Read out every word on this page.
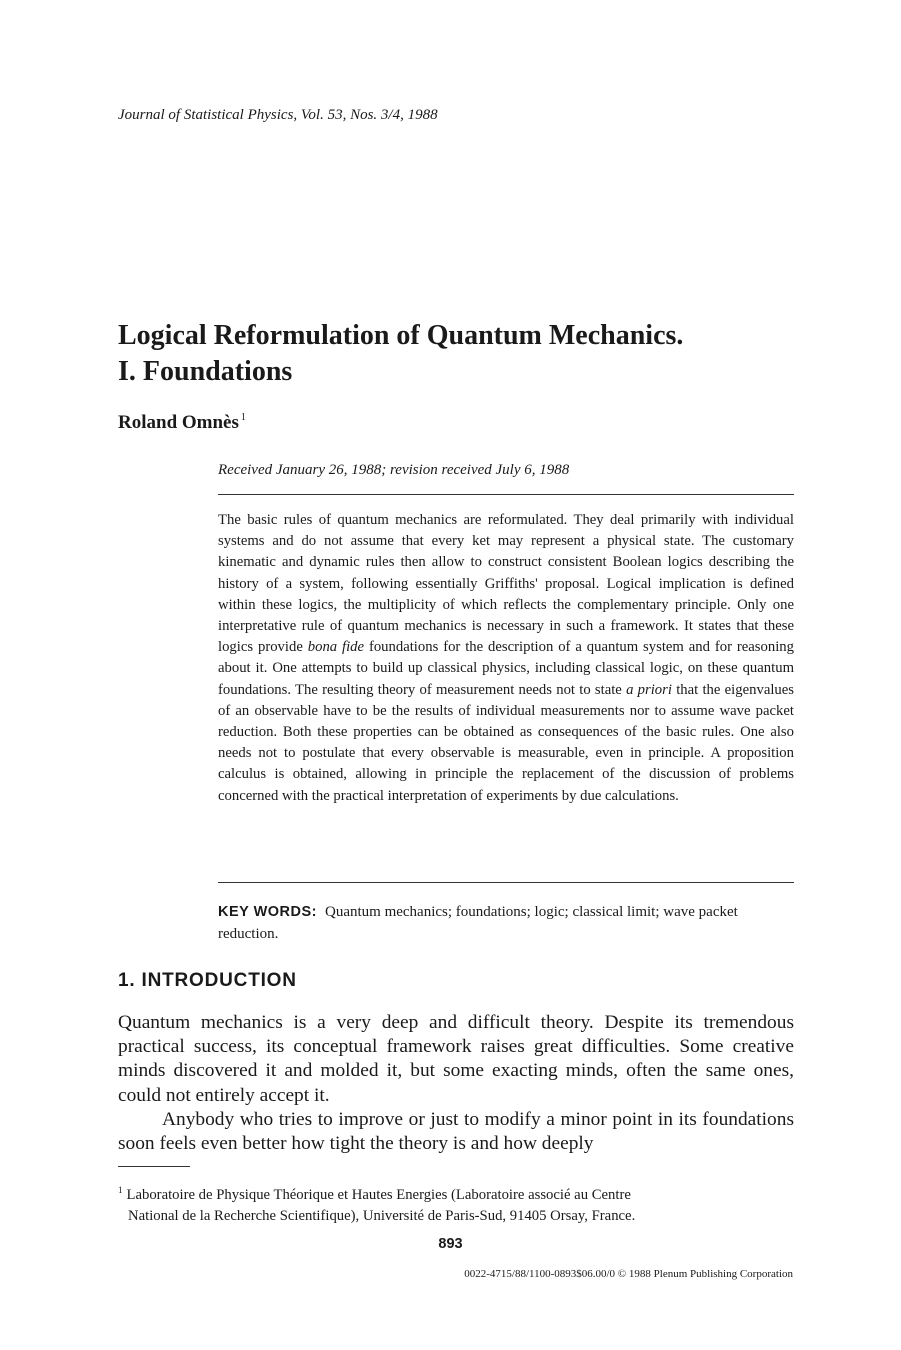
Journal of Statistical Physics, Vol. 53, Nos. 3/4, 1988
Logical Reformulation of Quantum Mechanics.
I. Foundations
Roland Omnès $^1$
Received January 26, 1988; revision received July 6, 1988
The basic rules of quantum mechanics are reformulated. They deal primarily with individual systems and do not assume that every ket may represent a physical state. The customary kinematic and dynamic rules then allow to construct consistent Boolean logics describing the history of a system, following essentially Griffiths' proposal. Logical implication is defined within these logics, the multiplicity of which reflects the complementary principle. Only one interpretative rule of quantum mechanics is necessary in such a framework. It states that these logics provide bona fide foundations for the description of a quantum system and for reasoning about it. One attempts to build up classical physics, including classical logic, on these quantum foundations. The resulting theory of measurement needs not to state a priori that the eigenvalues of an observable have to be the results of individual measurements nor to assume wave packet reduction. Both these properties can be obtained as consequences of the basic rules. One also needs not to postulate that every observable is measurable, even in principle. A proposition calculus is obtained, allowing in principle the replacement of the discussion of problems concerned with the practical interpretation of experiments by due calculations.
KEY WORDS: Quantum mechanics; foundations; logic; classical limit; wave packet reduction.
1. INTRODUCTION

Quantum mechanics is a very deep and difficult theory. Despite its tremendous practical success, its conceptual framework raises great difficulties. Some creative minds discovered it and molded it, but some exacting minds, often the same ones, could not entirely accept it.

Anybody who tries to improve or just to modify a minor point in its foundations soon feels even better how tight the theory is and how deeply

$^1$ Laboratoire de Physique Théorique et Hautes Energies (Laboratoire associé au Centre
National de la Recherche Scientifique), Université de Paris-Sud, 91405 Orsay, France.
893
0022-4715/88/1100-0893$06.00/0 © 1988 Plenum Publishing Corporation
